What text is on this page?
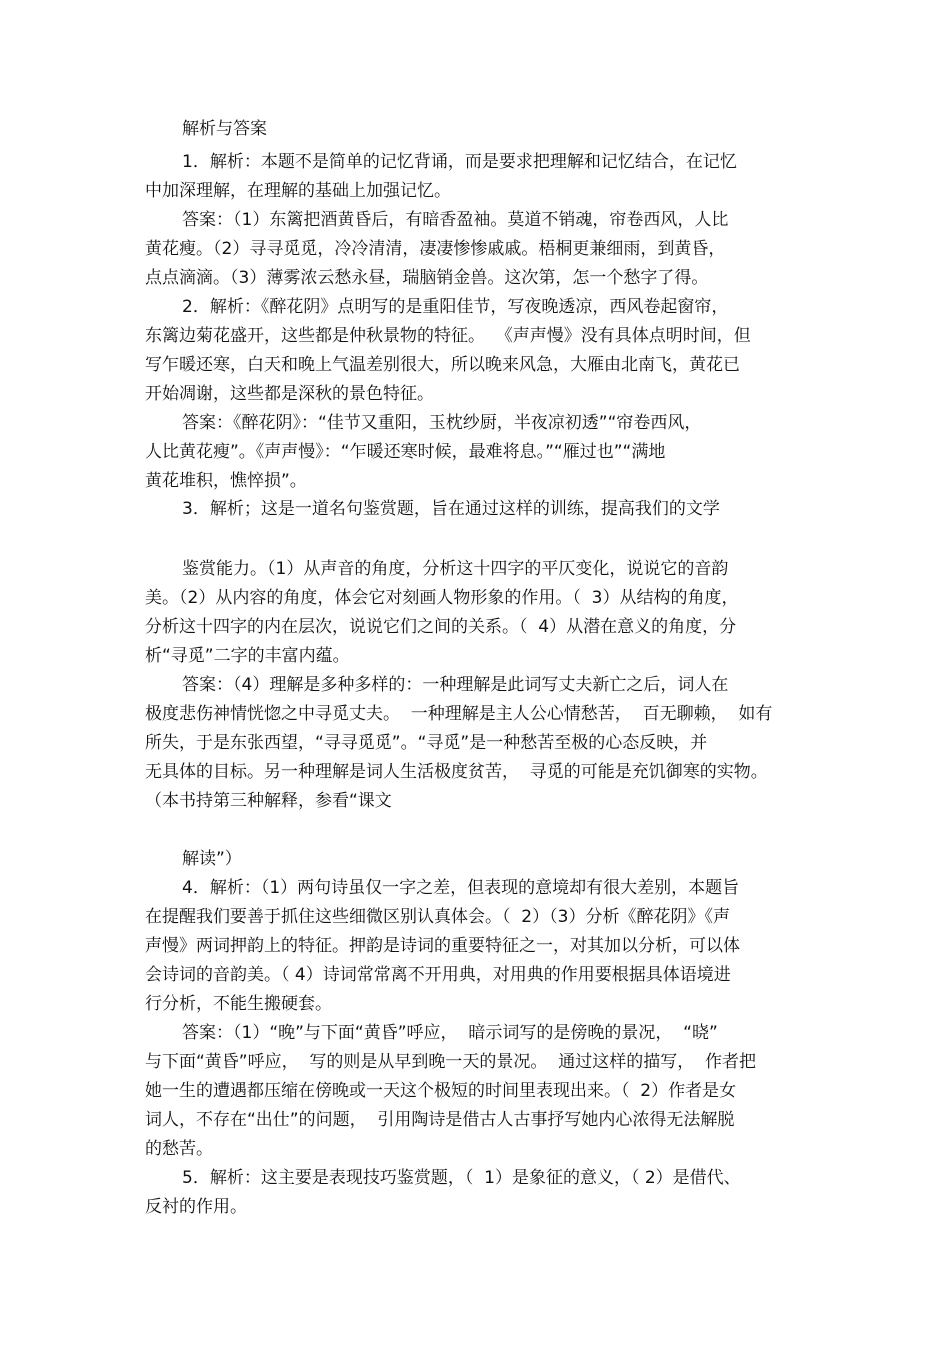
解析与答案
1．解析：本题不是简单的记忆背诵，而是要求把理解和记忆结合，在记忆
中加深理解，在理解的基础上加强记忆。
答案：（1）东篱把酒黄昏后，有暗香盈袖。莫道不销魂，帘卷西风，人比
黄花瘦。（2）寻寻觅觅，冷冷清清，凄凄惨惨戚戚。梧桐更兼细雨，到黄昏，
点点滴滴。（3）薄雾浓云愁永昼，瑞脑销金兽。这次第，怎一个愁字了得。
2．解析：《醉花阴》点明写的是重阳佳节，写夜晚透凉，西风卷起窗帘，
东篱边菊花盛开，这些都是仲秋景物的特征。  《声声慢》没有具体点明时间，但
写乍暖还寒，白天和晚上气温差别很大，所以晚来风急，大雁由北南飞，黄花已
开始凋谢，这些都是深秋的景色特征。
答案：《醉花阴》：“佳节又重阳，玉枕纱厨，半夜凉初透”“帘卷西风，
人比黄花瘦”。《声声慢》：“乍暖还寒时候，最难将息。”“雁过也”“满地
黄花堆积，憔悴损”。
3．解析；这是一道名句鉴赏题，旨在通过这样的训练，提高我们的文学
鉴赏能力。（1）从声音的角度，分析这十四字的平仄变化，说说它的音韵
美。（2）从内容的角度，体会它对刻画人物形象的作用。（  3）从结构的角度，
分析这十四字的内在层次，说说它们之间的关系。（  4）从潜在意义的角度，分
析“寻觅”二字的丰富内蕴。
答案：（4）理解是多种多样的：一种理解是此词写丈夫新亡之后，词人在
极度悲伤神情恍惚之中寻觅丈夫。  一种理解是主人公心情愁苦，  百无聊赖，  如有
所失，于是东张西望，“寻寻觅觅”。“寻觅”是一种愁苦至极的心态反映，并
无具体的目标。另一种理解是词人生活极度贫苦，  寻觅的可能是充饥御寒的实物。
（本书持第三种解释，参看“课文
解读”）
4．解析：（1）两句诗虽仅一字之差，但表现的意境却有很大差别，本题旨
在提醒我们要善于抓住这些细微区别认真体会。（  2）（3）分析《醉花阴》《声
声慢》两词押韵上的特征。押韵是诗词的重要特征之一，对其加以分析，可以体
会诗词的音韵美。（ 4）诗词常常离不开用典，对用典的作用要根据具体语境进
行分析，不能生搬硬套。
答案：（1）“晚”与下面“黄昏”呼应，  暗示词写的是傍晚的景况，  “晓”
与下面“黄昏”呼应，  写的则是从早到晚一天的景况。  通过这样的描写，  作者把
她一生的遭遇都压缩在傍晚或一天这个极短的时间里表现出来。（  2）作者是女
词人，不存在“出仕”的问题，  引用陶诗是借古人古事抒写她内心浓得无法解脱
的愁苦。
5．解析：这主要是表现技巧鉴赏题，（  1）是象征的意义，（ 2）是借代、
反衬的作用。
